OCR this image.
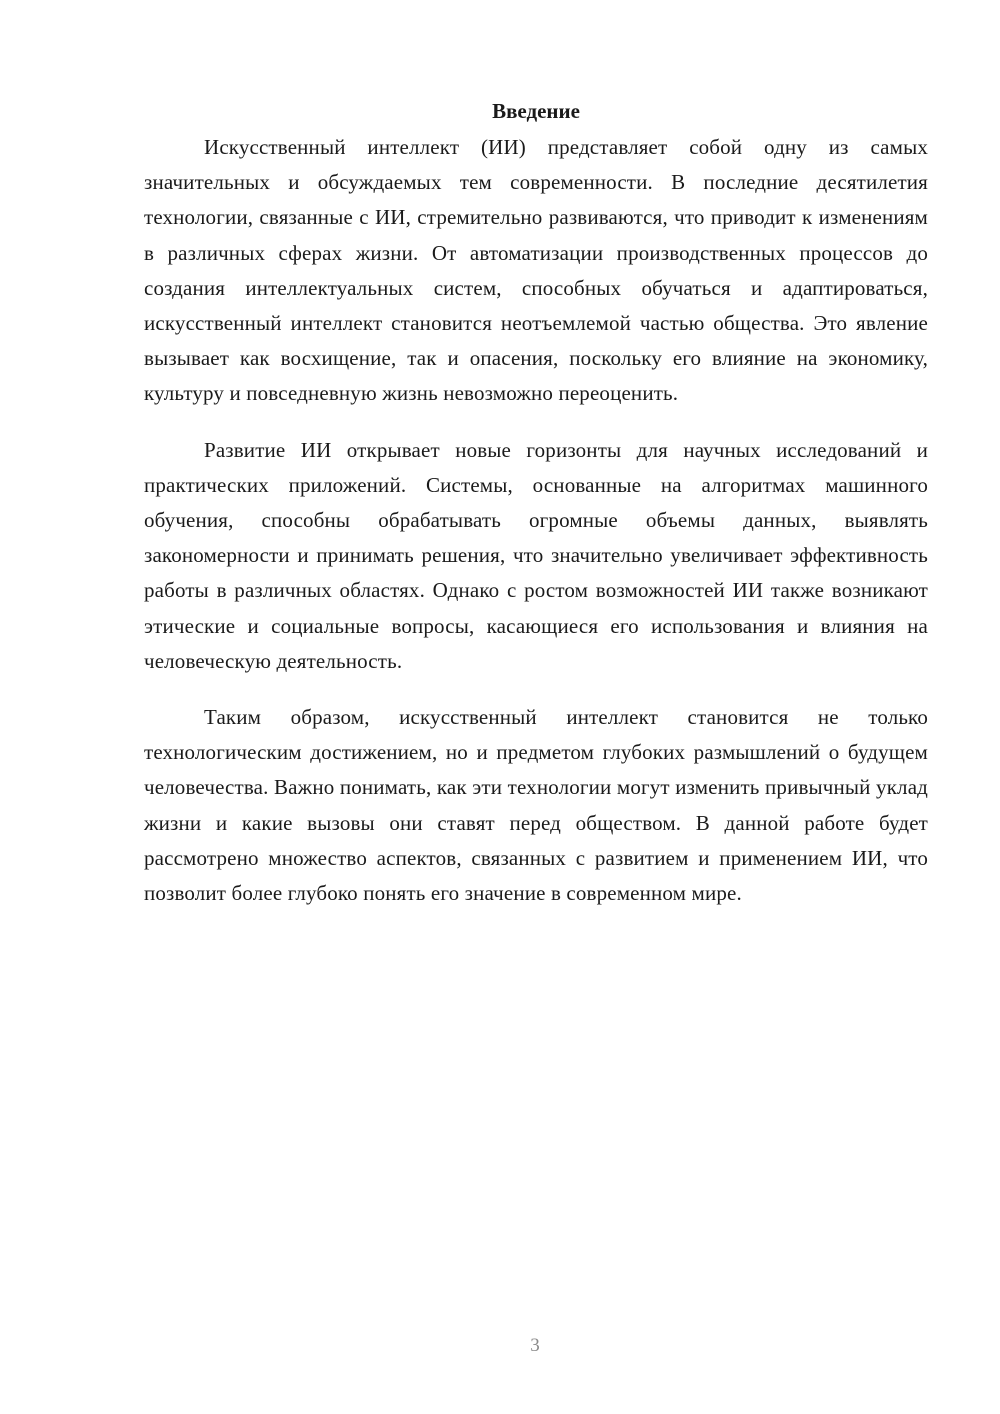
Введение

Искусственный интеллект (ИИ) представляет собой одну из самых значительных и обсуждаемых тем современности. В последние десятилетия технологии, связанные с ИИ, стремительно развиваются, что приводит к изменениям в различных сферах жизни. От автоматизации производственных процессов до создания интеллектуальных систем, способных обучаться и адаптироваться, искусственный интеллект становится неотъемлемой частью общества. Это явление вызывает как восхищение, так и опасения, поскольку его влияние на экономику, культуру и повседневную жизнь невозможно переоценить.

Развитие ИИ открывает новые горизонты для научных исследований и практических приложений. Системы, основанные на алгоритмах машинного обучения, способны обрабатывать огромные объемы данных, выявлять закономерности и принимать решения, что значительно увеличивает эффективность работы в различных областях. Однако с ростом возможностей ИИ также возникают этические и социальные вопросы, касающиеся его использования и влияния на человеческую деятельность.

Таким образом, искусственный интеллект становится не только технологическим достижением, но и предметом глубоких размышлений о будущем человечества. Важно понимать, как эти технологии могут изменить привычный уклад жизни и какие вызовы они ставят перед обществом. В данной работе будет рассмотрено множество аспектов, связанных с развитием и применением ИИ, что позволит более глубоко понять его значение в современном мире.

3
